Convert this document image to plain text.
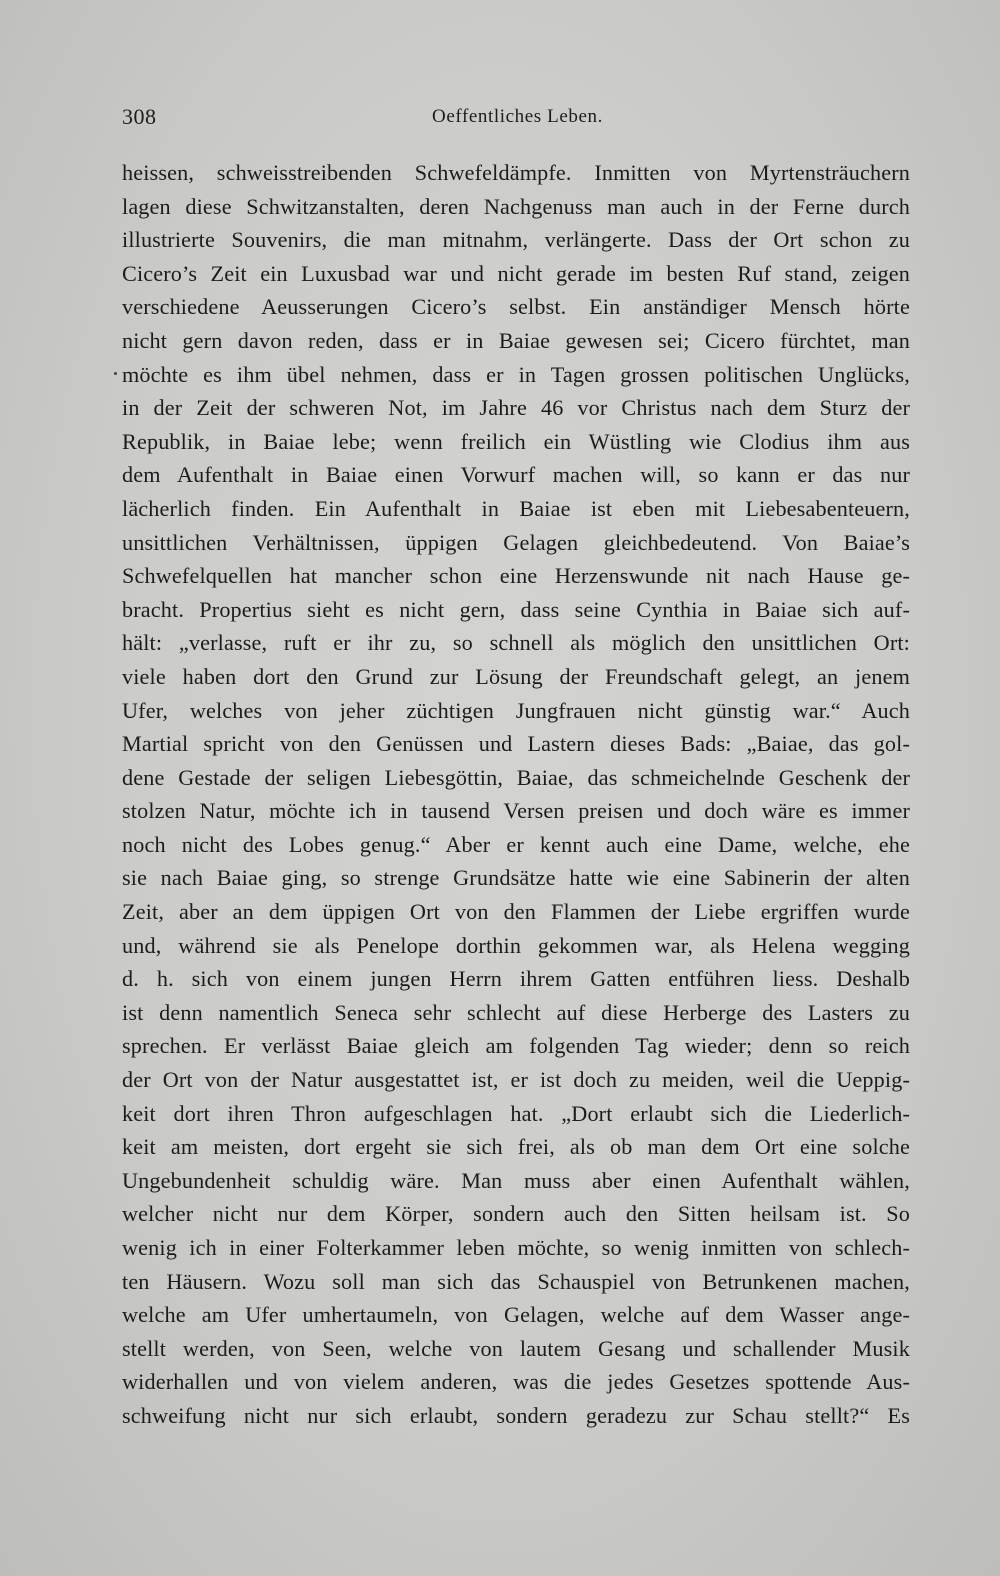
308	Oeffentliches Leben.
heissen, schweisstreibenden Schwefeldämpfe. Inmitten von Myrtensträuchern
lagen diese Schwitzanstalten, deren Nachgenuss man auch in der Ferne durch
illustrierte Souvenirs, die man mitnahm, verlängerte. Dass der Ort schon zu
Cicero’s Zeit ein Luxusbad war und nicht gerade im besten Ruf stand, zeigen
verschiedene Aeusserungen Cicero’s selbst. Ein anständiger Mensch hörte
nicht gern davon reden, dass er in Baiae gewesen sei; Cicero fürchtet, man
möchte es ihm übel nehmen, dass er in Tagen grossen politischen Unglücks,
in der Zeit der schweren Not, im Jahre 46 vor Christus nach dem Sturz der
Republik, in Baiae lebe; wenn freilich ein Wüstling wie Clodius ihm aus
dem Aufenthalt in Baiae einen Vorwurf machen will, so kann er das nur
lächerlich finden. Ein Aufenthalt in Baiae ist eben mit Liebesabenteuern,
unsittlichen Verhältnissen, üppigen Gelagen gleichbedeutend. Von Baiae’s
Schwefelquellen hat mancher schon eine Herzenswunde nit nach Hause ge-
bracht. Propertius sieht es nicht gern, dass seine Cynthia in Baiae sich auf-
hält: „verlasse, ruft er ihr zu, so schnell als möglich den unsittlichen Ort:
viele haben dort den Grund zur Lösung der Freundschaft gelegt, an jenem
Ufer, welches von jeher züchtigen Jungfrauen nicht günstig war.“ Auch
Martial spricht von den Genüssen und Lastern dieses Bads: „Baiae, das gol-
dene Gestade der seligen Liebesgöttin, Baiae, das schmeichelnde Geschenk der
stolzen Natur, möchte ich in tausend Versen preisen und doch wäre es immer
noch nicht des Lobes genug.“ Aber er kennt auch eine Dame, welche, ehe
sie nach Baiae ging, so strenge Grundsätze hatte wie eine Sabinerin der alten
Zeit, aber an dem üppigen Ort von den Flammen der Liebe ergriffen wurde
und, während sie als Penelope dorthin gekommen war, als Helena wegging
d. h. sich von einem jungen Herrn ihrem Gatten entführen liess. Deshalb
ist denn namentlich Seneca sehr schlecht auf diese Herberge des Lasters zu
sprechen. Er verlässt Baiae gleich am folgenden Tag wieder; denn so reich
der Ort von der Natur ausgestattet ist, er ist doch zu meiden, weil die Ueppig-
keit dort ihren Thron aufgeschlagen hat. „Dort erlaubt sich die Liederlich-
keit am meisten, dort ergeht sie sich frei, als ob man dem Ort eine solche
Ungebundenheit schuldig wäre. Man muss aber einen Aufenthalt wählen,
welcher nicht nur dem Körper, sondern auch den Sitten heilsam ist. So
wenig ich in einer Folterkammer leben möchte, so wenig inmitten von schlech-
ten Häusern. Wozu soll man sich das Schauspiel von Betrunkenen machen,
welche am Ufer umhertaumeln, von Gelagen, welche auf dem Wasser ange-
stellt werden, von Seen, welche von lautem Gesang und schallender Musik
widerhallen und von vielem anderen, was die jedes Gesetzes spottende Aus-
schweifung nicht nur sich erlaubt, sondern geradezu zur Schau stellt?“ Es
